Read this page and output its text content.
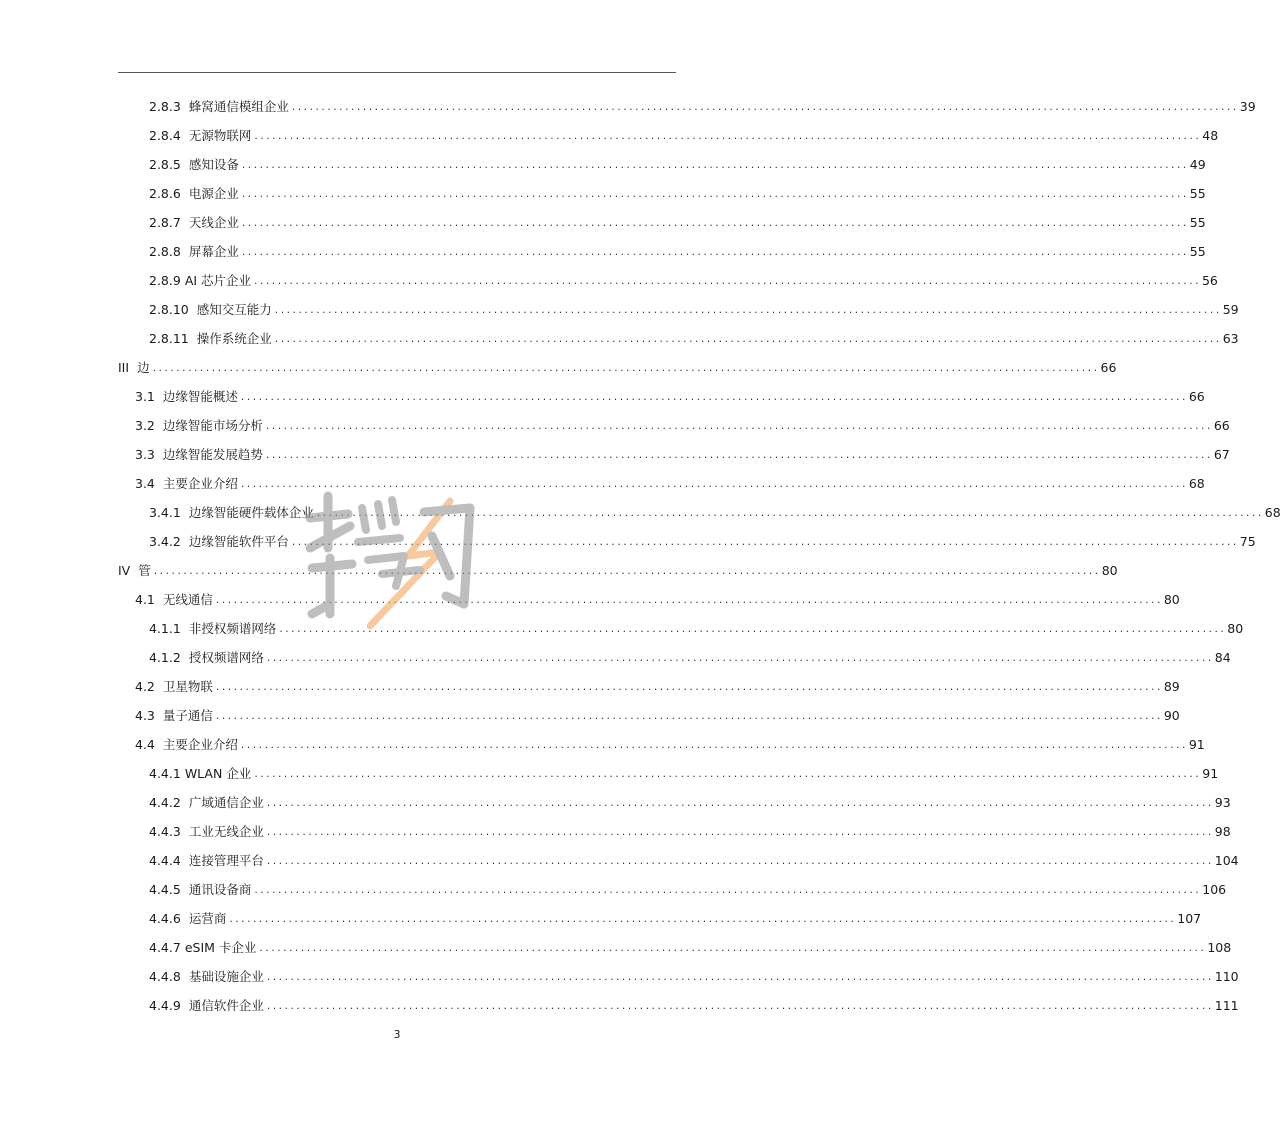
2.8.3 蜂窝通信模组企业 ................................................................................................................................................................ 39
2.8.4 无源物联网 ................................................................................................................................................................ 48
2.8.5 感知设备 ................................................................................................................................................................ 49
2.8.6 电源企业 ................................................................................................................................................................ 55
2.8.7 天线企业 ................................................................................................................................................................ 55
2.8.8 屏幕企业 ................................................................................................................................................................ 55
2.8.9 AI 芯片企业 ................................................................................................................................................................ 56
2.8.10 感知交互能力 ................................................................................................................................................................ 59
2.8.11 操作系统企业 ................................................................................................................................................................ 63
III 边 ................................................................................................................................................................ 66
3.1 边缘智能概述 ................................................................................................................................................................ 66
3.2 边缘智能市场分析 ................................................................................................................................................................ 66
3.3 边缘智能发展趋势 ................................................................................................................................................................ 67
3.4 主要企业介绍 ................................................................................................................................................................ 68
3.4.1 边缘智能硬件载体企业 ................................................................................................................................................................ 68
3.4.2 边缘智能软件平台 ................................................................................................................................................................ 75
IV 管 ................................................................................................................................................................ 80
4.1 无线通信 ................................................................................................................................................................ 80
4.1.1 非授权频谱网络 ................................................................................................................................................................ 80
4.1.2 授权频谱网络 ................................................................................................................................................................ 84
4.2 卫星物联 ................................................................................................................................................................ 89
4.3 量子通信 ................................................................................................................................................................ 90
4.4 主要企业介绍 ................................................................................................................................................................ 91
4.4.1 WLAN 企业 ................................................................................................................................................................ 91
4.4.2 广域通信企业 ................................................................................................................................................................ 93
4.4.3 工业无线企业 ................................................................................................................................................................ 98
4.4.4 连接管理平台 ................................................................................................................................................................ 104
4.4.5 通讯设备商 ................................................................................................................................................................ 106
4.4.6 运营商 ................................................................................................................................................................ 107
4.4.7 eSIM 卡企业 ................................................................................................................................................................ 108
4.4.8 基础设施企业 ................................................................................................................................................................ 110
4.4.9 通信软件企业 ................................................................................................................................................................ 111
3
